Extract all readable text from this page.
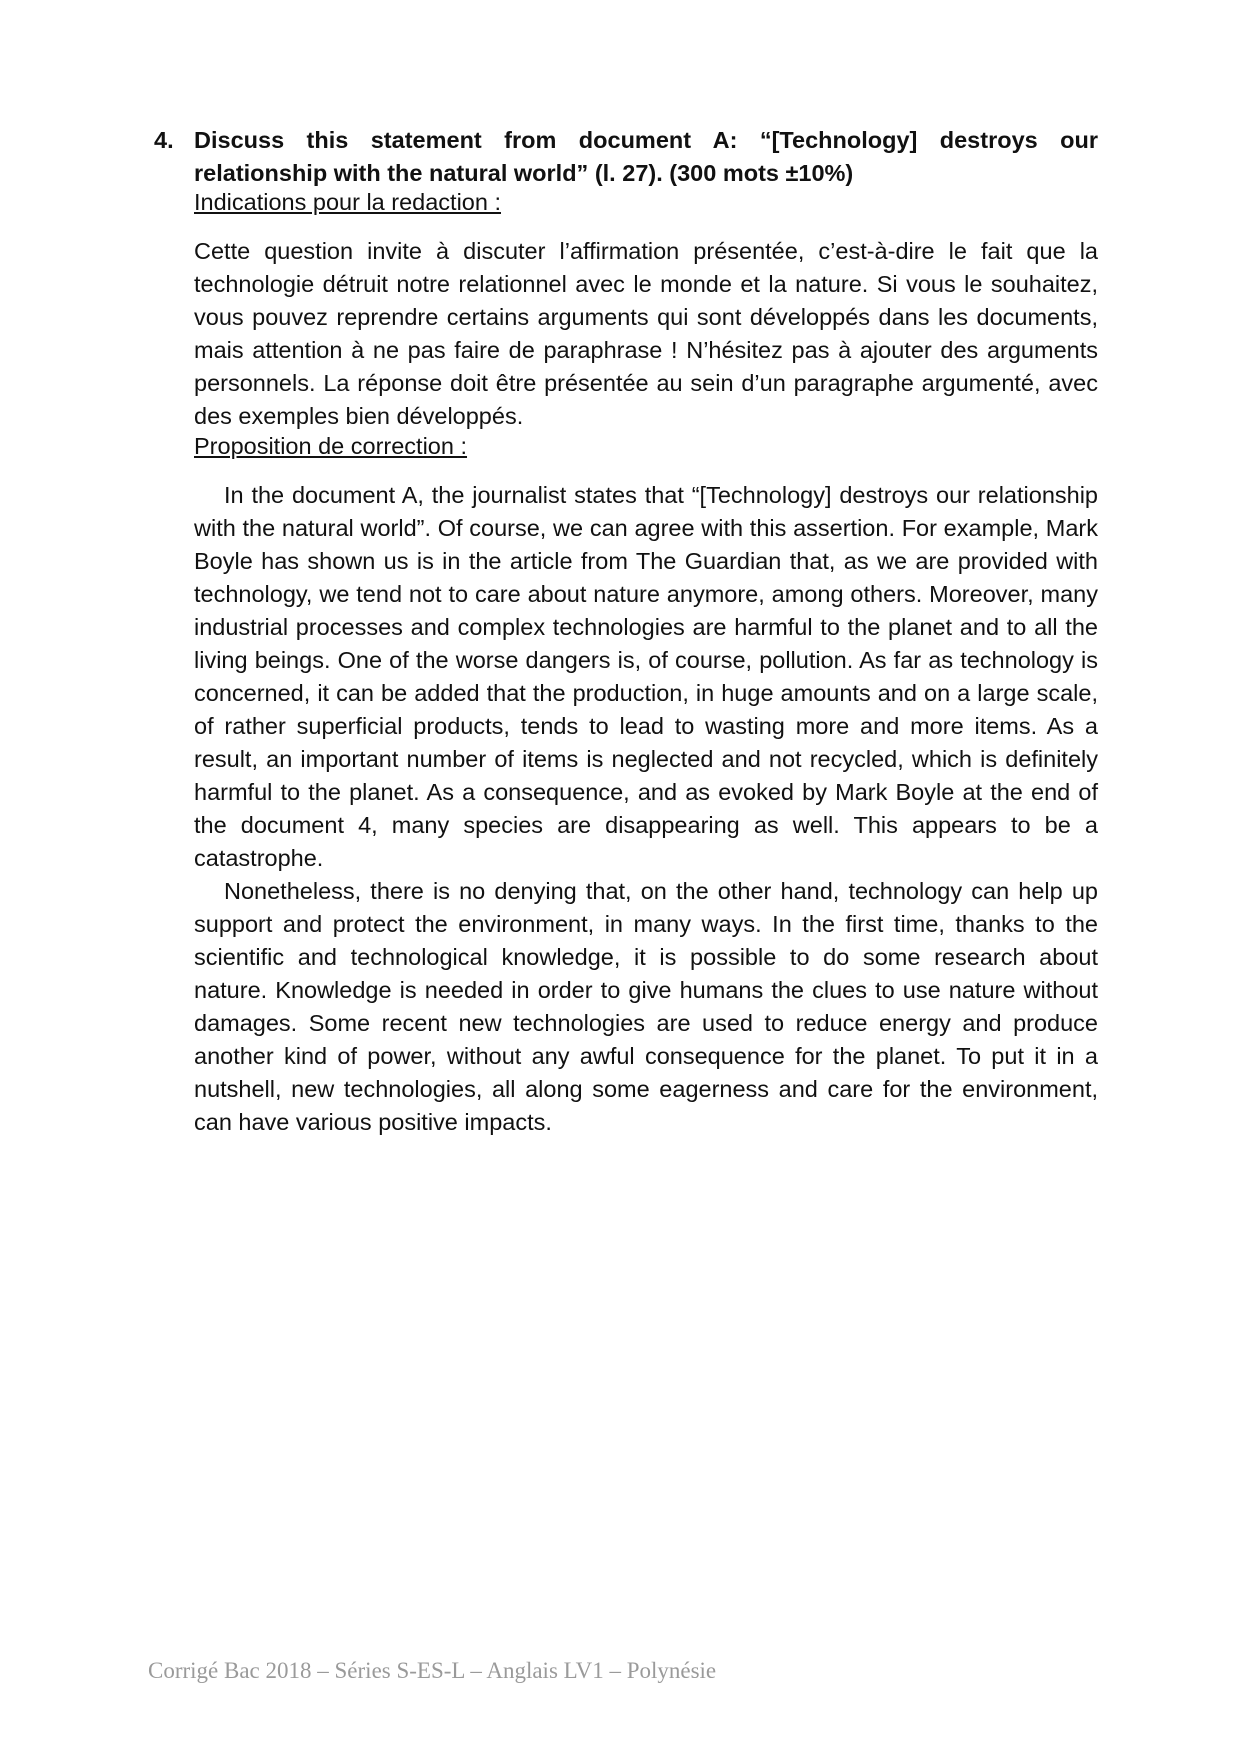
4. Discuss this statement from document A: “[Technology] destroys our relationship with the natural world” (l. 27). (300 mots ±10%)
Indications pour la redaction :

Cette question invite à discuter l’affirmation présentée, c’est-à-dire le fait que la technologie détruit notre relationnel avec le monde et la nature. Si vous le souhaitez, vous pouvez reprendre certains arguments qui sont développés dans les documents, mais attention à ne pas faire de paraphrase ! N’hésitez pas à ajouter des arguments personnels. La réponse doit être présentée au sein d’un paragraphe argumenté, avec des exemples bien développés.

Proposition de correction :

In the document A, the journalist states that “[Technology] destroys our relationship with the natural world”. Of course, we can agree with this assertion. For example, Mark Boyle has shown us is in the article from The Guardian that, as we are provided with technology, we tend not to care about nature anymore, among others. Moreover, many industrial processes and complex technologies are harmful to the planet and to all the living beings. One of the worse dangers is, of course, pollution. As far as technology is concerned, it can be added that the production, in huge amounts and on a large scale, of rather superficial products, tends to lead to wasting more and more items. As a result, an important number of items is neglected and not recycled, which is definitely harmful to the planet. As a consequence, and as evoked by Mark Boyle at the end of the document 4, many species are disappearing as well. This appears to be a catastrophe.

Nonetheless, there is no denying that, on the other hand, technology can help up support and protect the environment, in many ways. In the first time, thanks to the scientific and technological knowledge, it is possible to do some research about nature. Knowledge is needed in order to give humans the clues to use nature without damages. Some recent new technologies are used to reduce energy and produce another kind of power, without any awful consequence for the planet. To put it in a nutshell, new technologies, all along some eagerness and care for the environment, can have various positive impacts.

Corrigé Bac 2018 – Séries S-ES-L – Anglais LV1 – Polynésie
